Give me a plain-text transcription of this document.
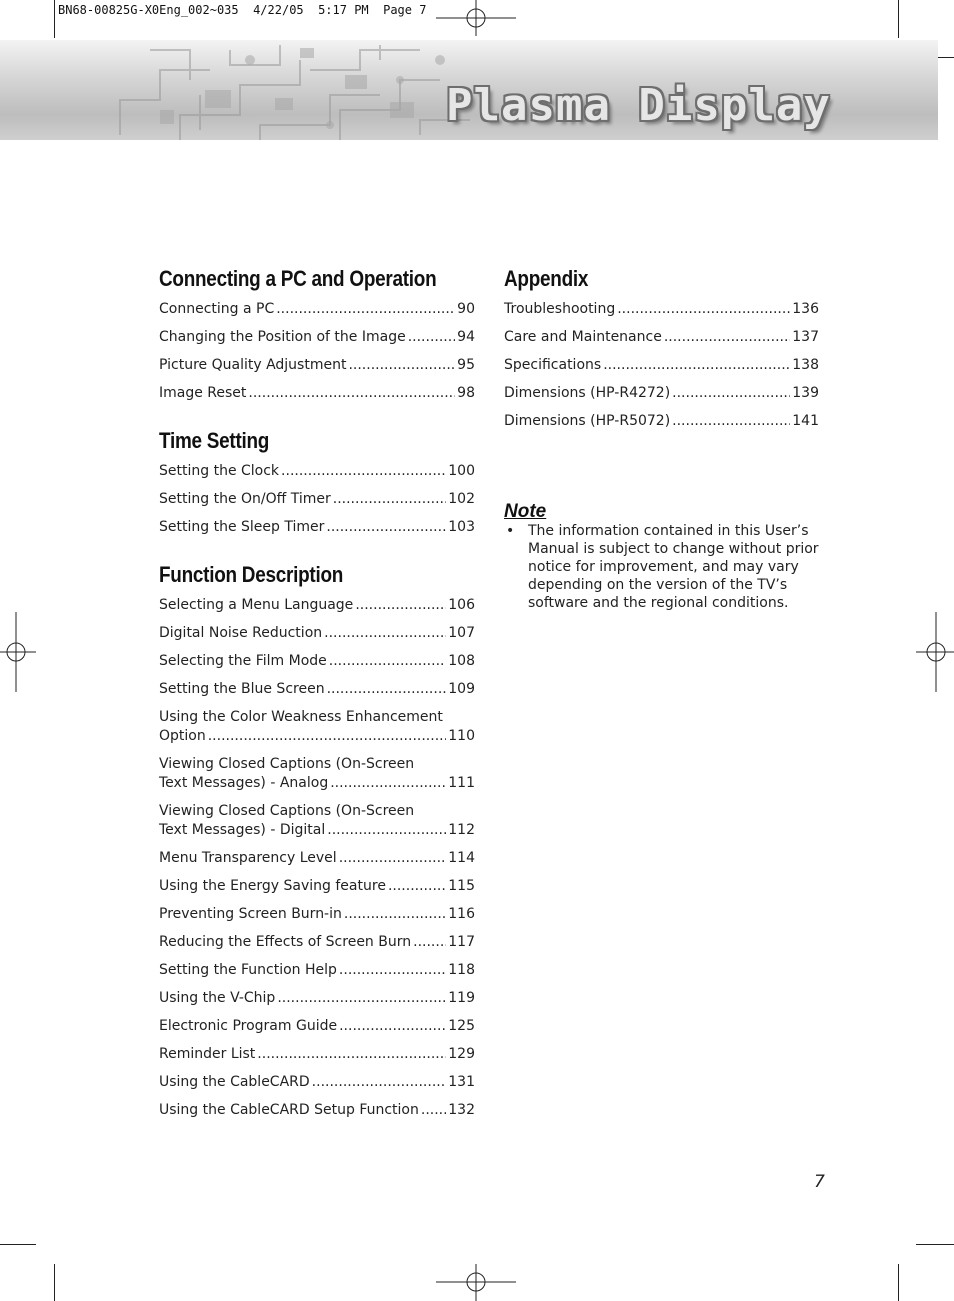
BN68-00825G-X0Eng_002~035  4/22/05  5:17 PM  Page 7
Plasma Display
Connecting a PC and Operation
Connecting a PC .....	90
Changing the Position of the Image .....	94
Picture Quality Adjustment .....	95
Image Reset .....	98
Time Setting
Setting the Clock .....	100
Setting the On/Off Timer .....	102
Setting the Sleep Timer .....	103
Function Description
Selecting a Menu Language .....	106
Digital Noise Reduction .....	107
Selecting the Film Mode .....	108
Setting the Blue Screen .....	109
Using the Color Weakness Enhancement
Option .....	110
Viewing Closed Captions (On-Screen
Text Messages) - Analog .....	111
Viewing Closed Captions (On-Screen
Text Messages) - Digital .....	112
Menu Transparency Level .....	114
Using the Energy Saving feature .....	115
Preventing Screen Burn-in .....	116
Reducing the Effects of Screen Burn .....	117
Setting the Function Help .....	118
Using the V-Chip .....	119
Electronic Program Guide .....	125
Reminder List .....	129
Using the CableCARD .....	131
Using the CableCARD Setup Function ..... 132
Appendix
Troubleshooting .....	136
Care and Maintenance .....	137
Specifications .....	138
Dimensions (HP-R4272) .....	139
Dimensions (HP-R5072) .....	141
Note
• The information contained in this User’s Manual is subject to change without prior notice for improvement, and may vary depending on the version of the TV’s software and the regional conditions.
7
